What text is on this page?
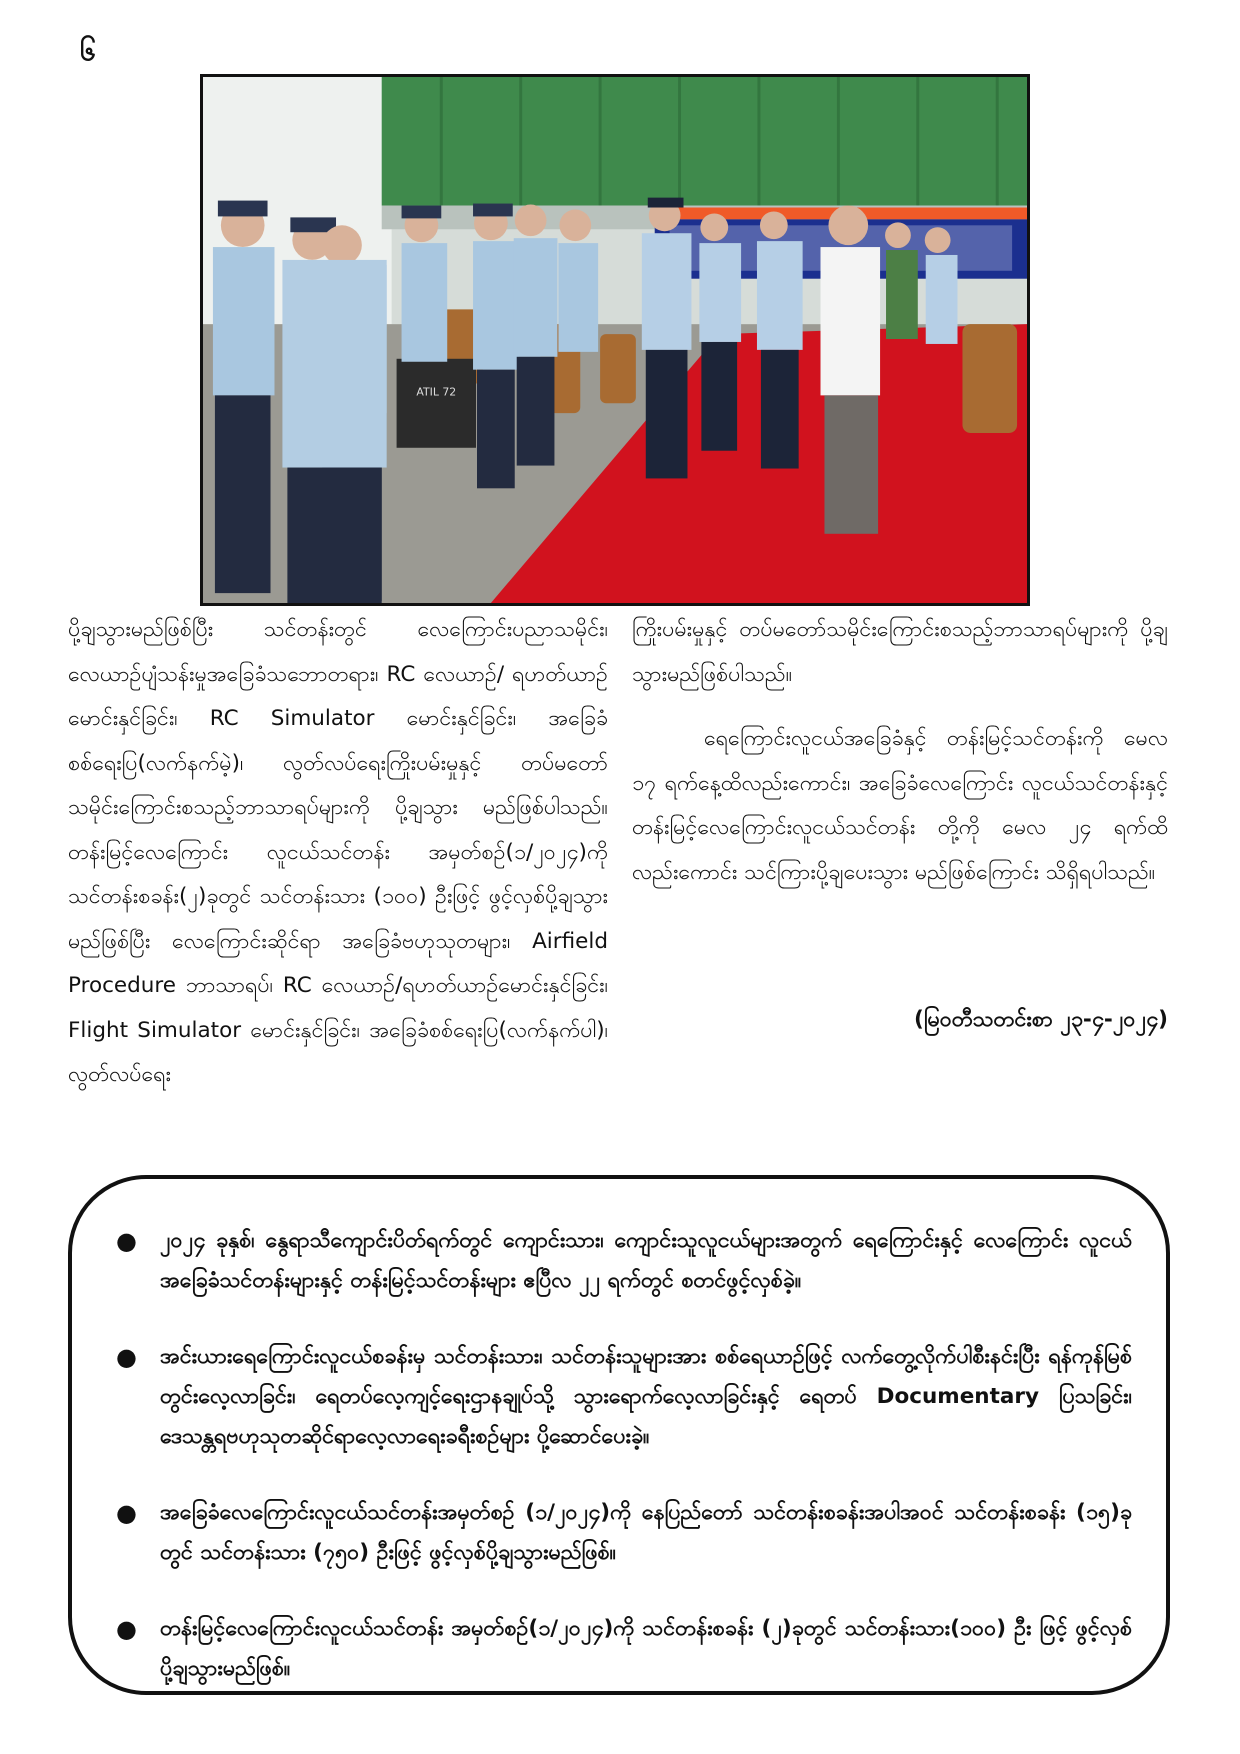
၆
ATIL 72

ပို့ချသွားမည်ဖြစ်ပြီး သင်တန်းတွင် လေကြောင်းပညာသမိုင်း၊ လေယာဉ်ပျံသန်းမှုအခြေခံသဘောတရား၊ RC လေယာဉ်/ ရဟတ်ယာဉ်မောင်းနှင်ခြင်း၊ RC Simulator မောင်းနှင်ခြင်း၊ အခြေခံစစ်ရေးပြ(လက်နက်မဲ့)၊ လွတ်လပ်ရေးကြိုးပမ်းမှုနှင့် တပ်မတော်သမိုင်းကြောင်းစသည့်ဘာသာရပ်များကို ပို့ချသွား မည်ဖြစ်ပါသည်။ တန်းမြင့်လေကြောင်း လူငယ်သင်တန်း အမှတ်စဉ်(၁/၂၀၂၄)ကို သင်တန်းစခန်း(၂)ခုတွင် သင်တန်းသား (၁၀၀) ဦးဖြင့် ဖွင့်လှစ်ပို့ချသွားမည်ဖြစ်ပြီး လေကြောင်းဆိုင်ရာ အခြေခံဗဟုသုတများ၊ Airfield Procedure ဘာသာရပ်၊ RC လေယာဉ်/ရဟတ်ယာဉ်မောင်းနှင်ခြင်း၊ Flight Simulator မောင်းနှင်ခြင်း၊ အခြေခံစစ်ရေးပြ(လက်နက်ပါ)၊ လွတ်လပ်ရေး

ကြိုးပမ်းမှုနှင့် တပ်မတော်သမိုင်းကြောင်းစသည့်ဘာသာရပ်များကို ပို့ချသွားမည်ဖြစ်ပါသည်။

ရေကြောင်းလူငယ်အခြေခံနှင့် တန်းမြင့်သင်တန်းကို မေလ ၁၇ ရက်နေ့ထိလည်းကောင်း၊ အခြေခံလေကြောင်း လူငယ်သင်တန်းနှင့် တန်းမြင့်လေကြောင်းလူငယ်သင်တန်း တို့ကို မေလ ၂၄ ရက်ထိလည်းကောင်း သင်ကြားပို့ချပေးသွား မည်ဖြစ်ကြောင်း သိရှိရပါသည်။

(မြဝတီသတင်းစာ ၂၃-၄-၂၀၂၄)
● ၂၀၂၄ ခုနှစ်၊ နွေရာသီကျောင်းပိတ်ရက်တွင် ကျောင်းသား၊ ကျောင်းသူလူငယ်များအတွက် ရေကြောင်းနှင့် လေကြောင်း လူငယ်အခြေခံသင်တန်းများနှင့် တန်းမြင့်သင်တန်းများ ဧပြီလ ၂၂ ရက်တွင် စတင်ဖွင့်လှစ်ခဲ့။
● အင်းယားရေကြောင်းလူငယ်စခန်းမှ သင်တန်းသား၊ သင်တန်းသူများအား စစ်ရေယာဉ်ဖြင့် လက်တွေ့လိုက်ပါစီးနင်းပြီး ရန်ကုန်မြစ်တွင်းလေ့လာခြင်း၊ ရေတပ်လေ့ကျင့်ရေးဌာနချုပ်သို့ သွားရောက်လေ့လာခြင်းနှင့် ရေတပ် Documentary ပြသခြင်း၊ ဒေသန္တရဗဟုသုတဆိုင်ရာလေ့လာရေးခရီးစဉ်များ ပို့ဆောင်ပေးခဲ့။
● အခြေခံလေကြောင်းလူငယ်သင်တန်းအမှတ်စဉ် (၁/၂၀၂၄)ကို နေပြည်တော် သင်တန်းစခန်းအပါအဝင် သင်တန်းစခန်း (၁၅)ခုတွင် သင်တန်းသား (၇၅၀) ဦးဖြင့် ဖွင့်လှစ်ပို့ချသွားမည်ဖြစ်။
● တန်းမြင့်လေကြောင်းလူငယ်သင်တန်း အမှတ်စဉ်(၁/၂၀၂၄)ကို သင်တန်းစခန်း (၂)ခုတွင် သင်တန်းသား(၁၀၀) ဦး ဖြင့် ဖွင့်လှစ်ပို့ချသွားမည်ဖြစ်။
